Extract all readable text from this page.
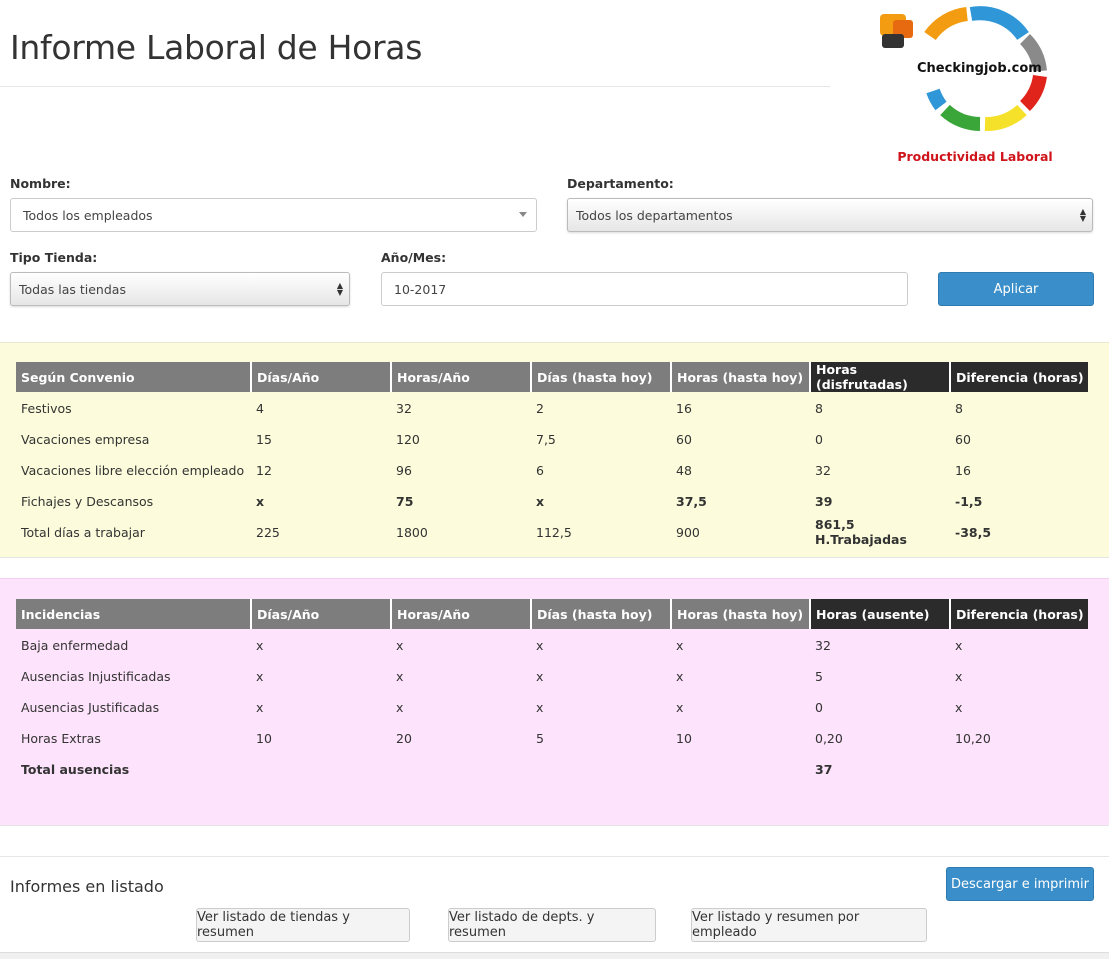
Informe Laboral de Horas
Checkingjob.com
Productividad Laboral
Nombre:
Todos los empleados
Departamento:
Todos los departamentos	▲
▼
Tipo Tienda:
Todas las tiendas	▲
▼
Año/Mes:
10-2017	Aplicar
Según Convenio	Días/Año	Horas/Año	Días (hasta hoy)	Horas (hasta hoy)	Horas (disfrutadas)	Diferencia (horas)
Festivos	4	32	2	16	8	8
Vacaciones empresa	15	120	7,5	60	0	60
Vacaciones libre elección empleado	12	96	6	48	32	16
Fichajes y Descansos	x	75	x	37,5	39	-1,5
Total días a trabajar	225	1800	112,5	900	861,5 H.Trabajadas	-38,5
Incidencias	Días/Año	Horas/Año	Días (hasta hoy)	Horas (hasta hoy)	Horas (ausente)	Diferencia (horas)
Baja enfermedad	x	x	x	x	32	x
Ausencias Injustificadas	x	x	x	x	5	x
Ausencias Justificadas	x	x	x	x	0	x
Horas Extras	10	20	5	10	0,20	10,20
Total ausencias					37	
Informes en listado	Descargar e imprimir
Ver listado de tiendas y resumen
Ver listado de depts. y resumen
Ver listado y resumen por empleado
